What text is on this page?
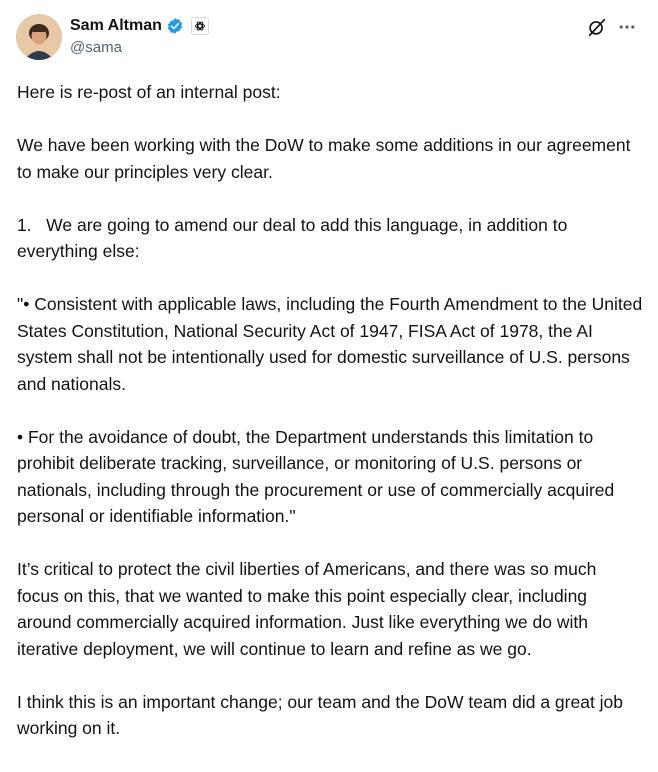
Sam Altman
@sama

Here is re-post of an internal post:

We have been working with the DoW to make some additions in our agreement to make our principles very clear.

1.   We are going to amend our deal to add this language, in addition to everything else:

"• Consistent with applicable laws, including the Fourth Amendment to the United States Constitution, National Security Act of 1947, FISA Act of 1978, the AI system shall not be intentionally used for domestic surveillance of U.S. persons and nationals.

• For the avoidance of doubt, the Department understands this limitation to prohibit deliberate tracking, surveillance, or monitoring of U.S. persons or nationals, including through the procurement or use of commercially acquired personal or identifiable information."

It’s critical to protect the civil liberties of Americans, and there was so much focus on this, that we wanted to make this point especially clear, including around commercially acquired information. Just like everything we do with iterative deployment, we will continue to learn and refine as we go.

I think this is an important change; our team and the DoW team did a great job working on it.
